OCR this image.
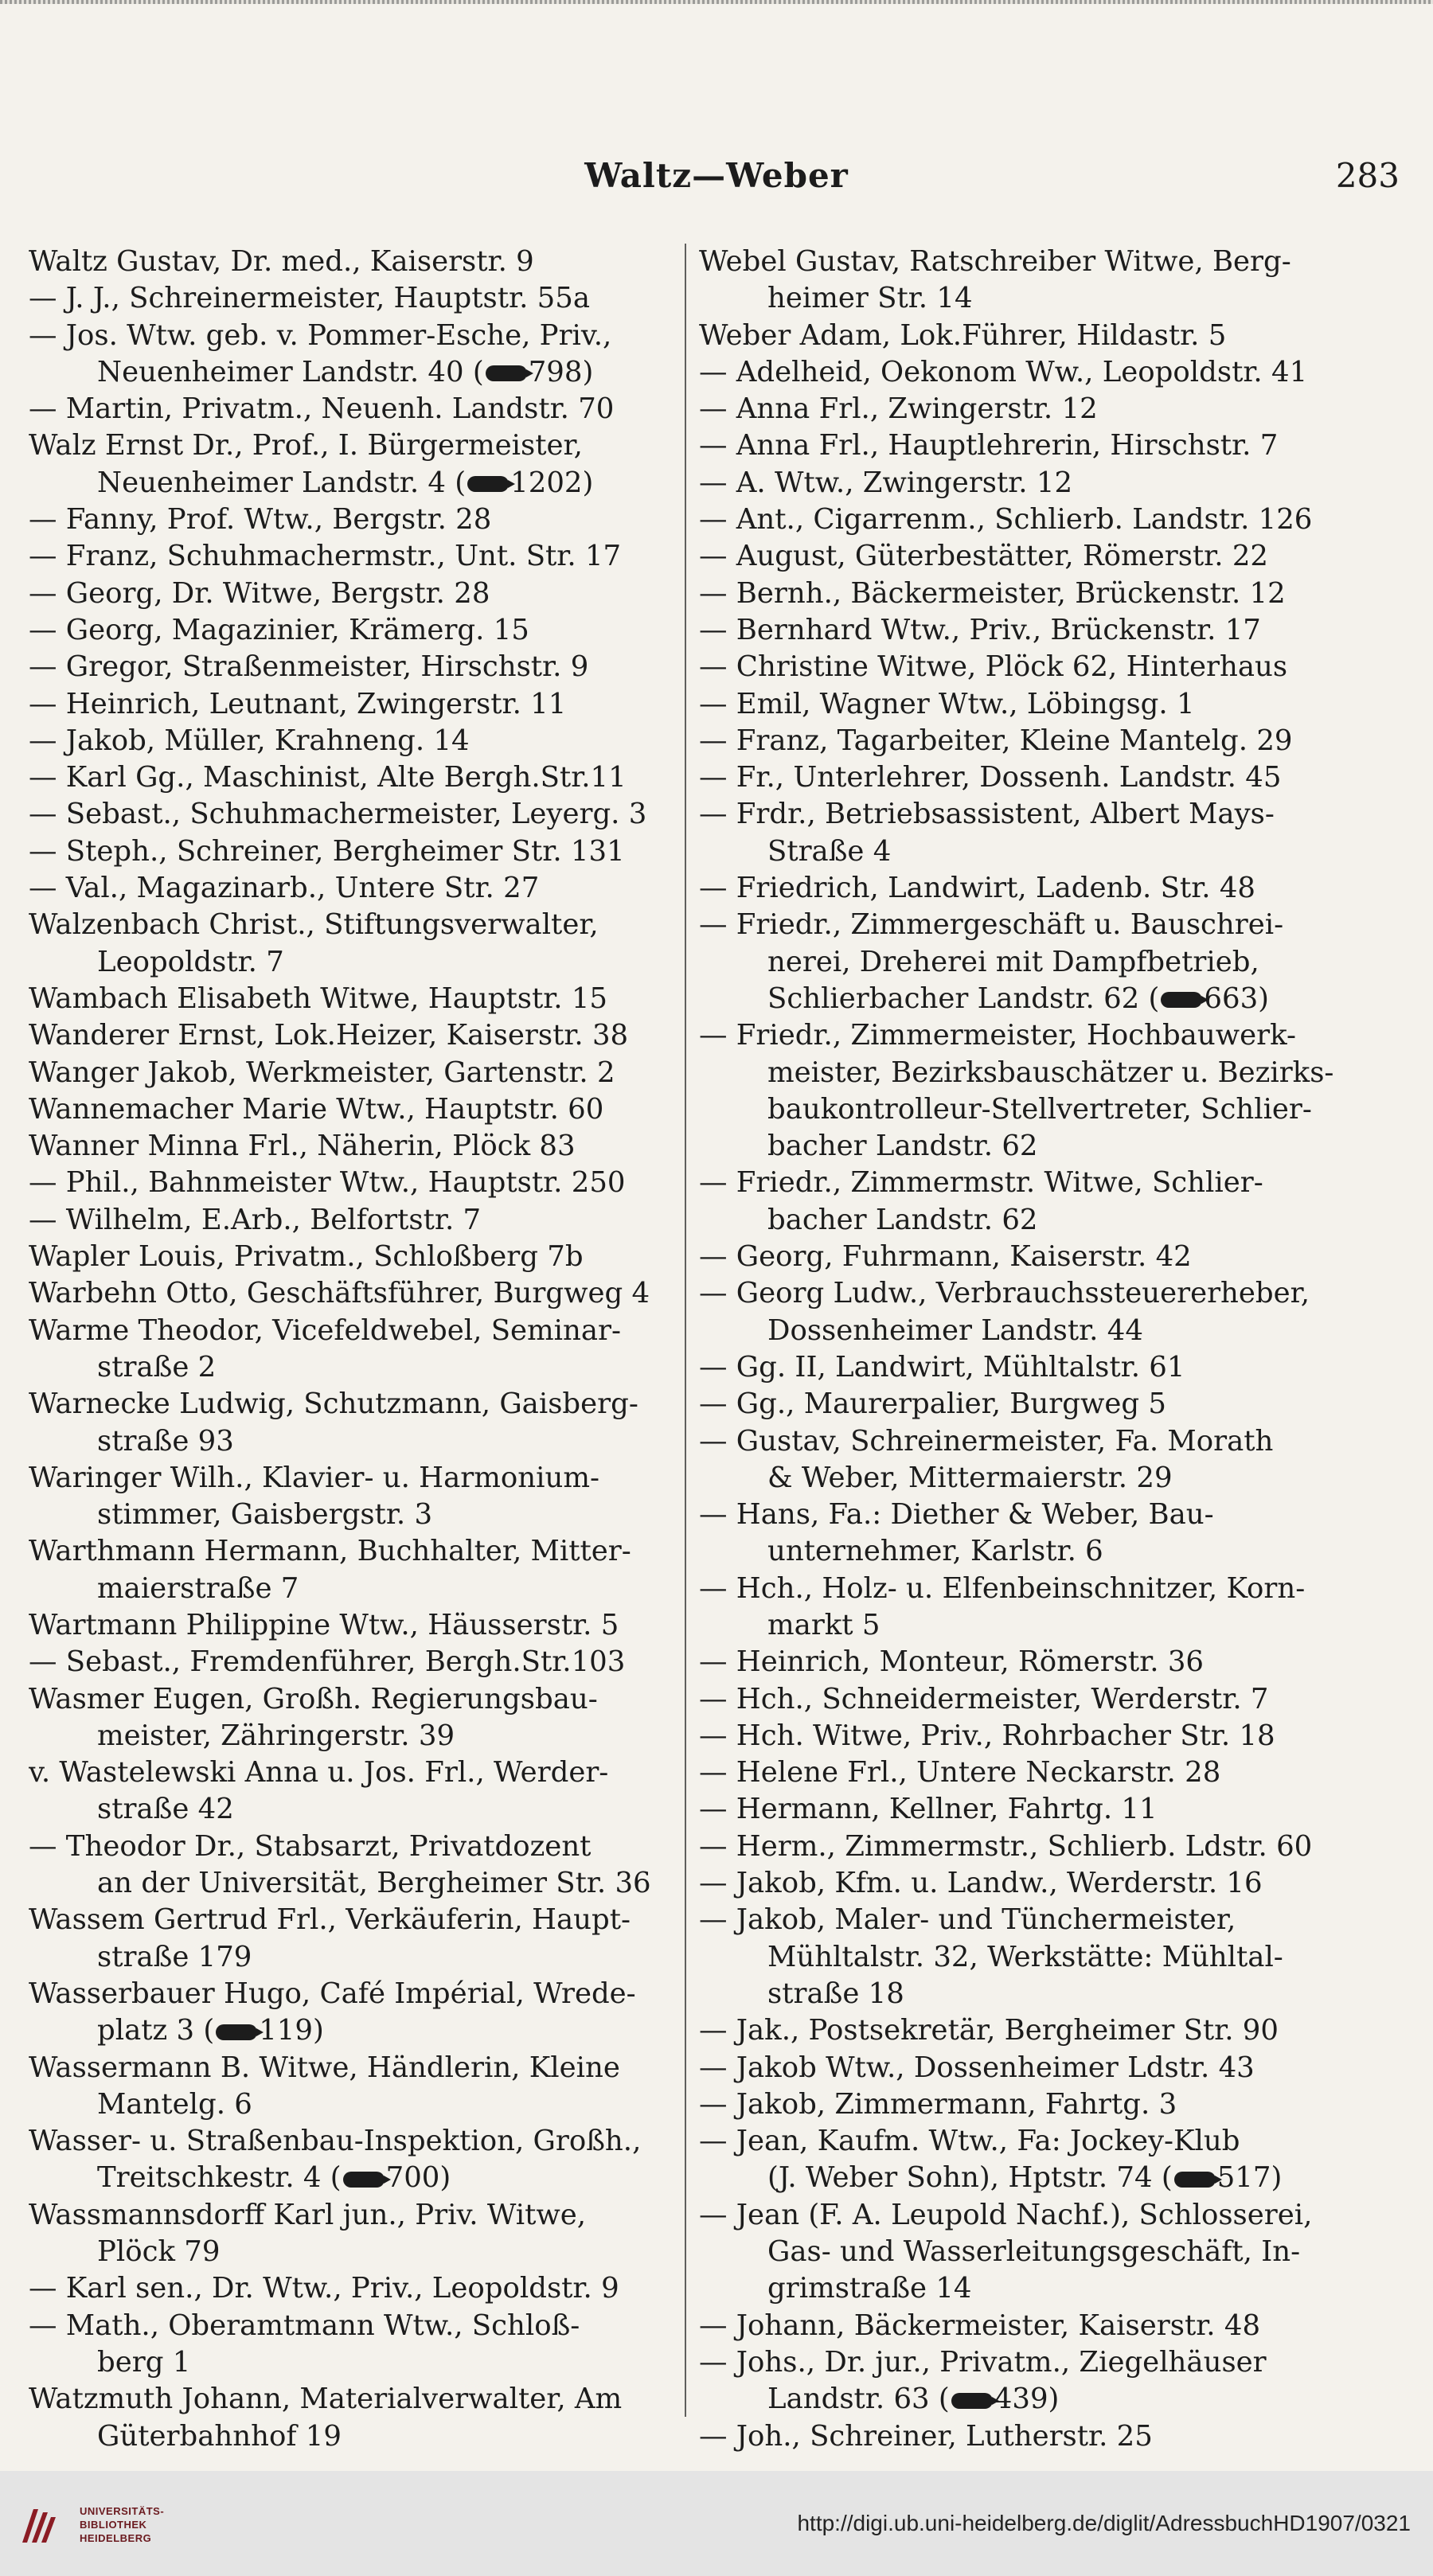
Waltz—Weber	283
Waltz Gustav, Dr. med., Kaiserstr. 9
— J. J., Schreinermeister, Hauptstr. 55a
— Jos. Wtw. geb. v. Pommer-Esche, Priv.,
Neuenheimer Landstr. 40 ( 798)
— Martin, Privatm., Neuenh. Landstr. 70
Walz Ernst Dr., Prof., I. Bürgermeister,
Neuenheimer Landstr. 4 ( 1202)
— Fanny, Prof. Wtw., Bergstr. 28
— Franz, Schuhmachermstr., Unt. Str. 17
— Georg, Dr. Witwe, Bergstr. 28
— Georg, Magazinier, Krämerg. 15
— Gregor, Straßenmeister, Hirschstr. 9
— Heinrich, Leutnant, Zwingerstr. 11
— Jakob, Müller, Krahneng. 14
— Karl Gg., Maschinist, Alte Bergh.Str.11
— Sebast., Schuhmachermeister, Leyerg. 3
— Steph., Schreiner, Bergheimer Str. 131
— Val., Magazinarb., Untere Str. 27
Walzenbach Christ., Stiftungsverwalter,
Leopoldstr. 7
Wambach Elisabeth Witwe, Hauptstr. 15
Wanderer Ernst, Lok.Heizer, Kaiserstr. 38
Wanger Jakob, Werkmeister, Gartenstr. 2
Wannemacher Marie Wtw., Hauptstr. 60
Wanner Minna Frl., Näherin, Plöck 83
— Phil., Bahnmeister Wtw., Hauptstr. 250
— Wilhelm, E.Arb., Belfortstr. 7
Wapler Louis, Privatm., Schloßberg 7b
Warbehn Otto, Geschäftsführer, Burgweg 4
Warme Theodor, Vicefeldwebel, Seminar-
straße 2
Warnecke Ludwig, Schutzmann, Gaisberg-
straße 93
Waringer Wilh., Klavier- u. Harmonium-
stimmer, Gaisbergstr. 3
Warthmann Hermann, Buchhalter, Mitter-
maierstraße 7
Wartmann Philippine Wtw., Häusserstr. 5
— Sebast., Fremdenführer, Bergh.Str.103
Wasmer Eugen, Großh. Regierungsbau-
meister, Zähringerstr. 39
v. Wastelewski Anna u. Jos. Frl., Werder-
straße 42
— Theodor Dr., Stabsarzt, Privatdozent
an der Universität, Bergheimer Str. 36
Wassem Gertrud Frl., Verkäuferin, Haupt-
straße 179
Wasserbauer Hugo, Café Impérial, Wrede-
platz 3 ( 119)
Wassermann B. Witwe, Händlerin, Kleine
Mantelg. 6
Wasser- u. Straßenbau-Inspektion, Großh.,
Treitschkestr. 4 ( 700)
Wassmannsdorff Karl jun., Priv. Witwe,
Plöck 79
— Karl sen., Dr. Wtw., Priv., Leopoldstr. 9
— Math., Oberamtmann Wtw., Schloß-
berg 1
Watzmuth Johann, Materialverwalter, Am
Güterbahnhof 19
Webel Gustav, Ratschreiber Witwe, Berg-
heimer Str. 14
Weber Adam, Lok.Führer, Hildastr. 5
— Adelheid, Oekonom Ww., Leopoldstr. 41
— Anna Frl., Zwingerstr. 12
— Anna Frl., Hauptlehrerin, Hirschstr. 7
— A. Wtw., Zwingerstr. 12
— Ant., Cigarrenm., Schlierb. Landstr. 126
— August, Güterbestätter, Römerstr. 22
— Bernh., Bäckermeister, Brückenstr. 12
— Bernhard Wtw., Priv., Brückenstr. 17
— Christine Witwe, Plöck 62, Hinterhaus
— Emil, Wagner Wtw., Löbingsg. 1
— Franz, Tagarbeiter, Kleine Mantelg. 29
— Fr., Unterlehrer, Dossenh. Landstr. 45
— Frdr., Betriebsassistent, Albert Mays-
Straße 4
— Friedrich, Landwirt, Ladenb. Str. 48
— Friedr., Zimmergeschäft u. Bauschrei-
nerei, Dreherei mit Dampfbetrieb,
Schlierbacher Landstr. 62 ( 663)
— Friedr., Zimmermeister, Hochbauwerk-
meister, Bezirksbauschätzer u. Bezirks-
baukontrolleur-Stellvertreter, Schlier-
bacher Landstr. 62
— Friedr., Zimmermstr. Witwe, Schlier-
bacher Landstr. 62
— Georg, Fuhrmann, Kaiserstr. 42
— Georg Ludw., Verbrauchssteuererheber,
Dossenheimer Landstr. 44
— Gg. II, Landwirt, Mühltalstr. 61
— Gg., Maurerpalier, Burgweg 5
— Gustav, Schreinermeister, Fa. Morath
& Weber, Mittermaierstr. 29
— Hans, Fa.: Diether & Weber, Bau-
unternehmer, Karlstr. 6
— Hch., Holz- u. Elfenbeinschnitzer, Korn-
markt 5
— Heinrich, Monteur, Römerstr. 36
— Hch., Schneidermeister, Werderstr. 7
— Hch. Witwe, Priv., Rohrbacher Str. 18
— Helene Frl., Untere Neckarstr. 28
— Hermann, Kellner, Fahrtg. 11
— Herm., Zimmermstr., Schlierb. Ldstr. 60
— Jakob, Kfm. u. Landw., Werderstr. 16
— Jakob, Maler- und Tünchermeister,
Mühltalstr. 32, Werkstätte: Mühltal-
straße 18
— Jak., Postsekretär, Bergheimer Str. 90
— Jakob Wtw., Dossenheimer Ldstr. 43
— Jakob, Zimmermann, Fahrtg. 3
— Jean, Kaufm. Wtw., Fa: Jockey-Klub
(J. Weber Sohn), Hptstr. 74 ( 517)
— Jean (F. A. Leupold Nachf.), Schlosserei,
Gas- und Wasserleitungsgeschäft, In-
grimstraße 14
— Johann, Bäckermeister, Kaiserstr. 48
— Johs., Dr. jur., Privatm., Ziegelhäuser
Landstr. 63 ( 439)
— Joh., Schreiner, Lutherstr. 25
UNIVERSITÄTS-
BIBLIOTHEK
HEIDELBERG
http://digi.ub.uni-heidelberg.de/diglit/AdressbuchHD1907/0321
